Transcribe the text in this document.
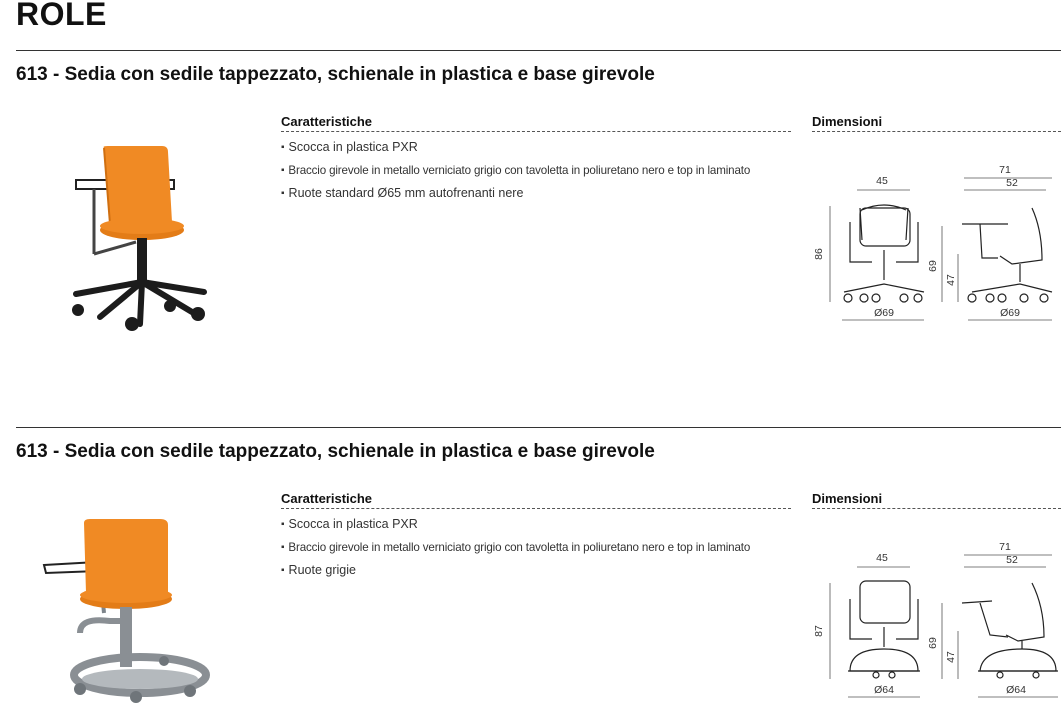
ROLE
613 - Sedia con sedile tappezzato, schienale in plastica e base girevole
Caratteristiche
▪ Scocca in plastica PXR
▪ Braccio girevole in metallo verniciato grigio con tavoletta in poliuretano nero e top in laminato
▪ Ruote standard Ø65 mm autofrenanti nere
Dimensioni
45
86
Ø69
71
52
69
47
Ø69
613 - Sedia con sedile tappezzato, schienale in plastica e base girevole
Caratteristiche
▪ Scocca in plastica PXR
▪ Braccio girevole in metallo verniciato grigio con tavoletta in poliuretano nero e top in laminato
▪ Ruote grigie
Dimensioni
45
87
Ø64
71
52
69
47
Ø64
